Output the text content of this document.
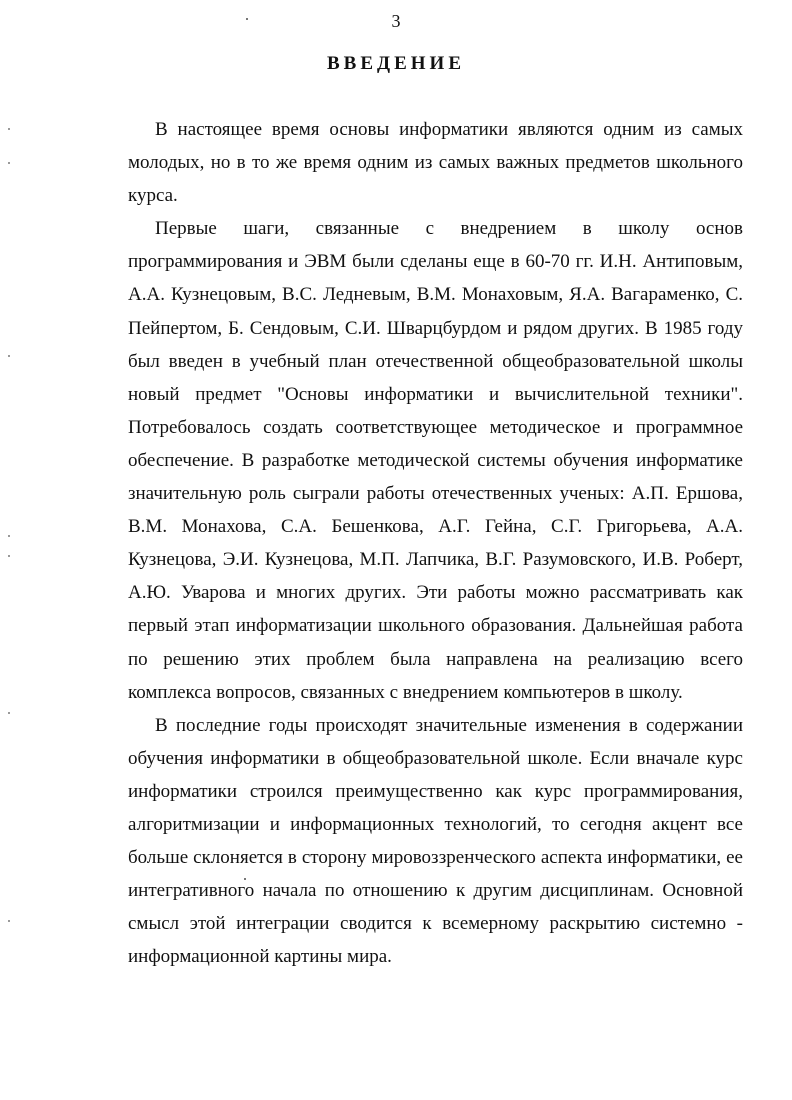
3
ВВЕДЕНИЕ

В настоящее время основы информатики являются одним из самых молодых, но в то же время одним из самых важных предметов школьного курса.

Первые шаги, связанные с внедрением в школу основ программирования и ЭВМ были сделаны еще в 60-70 гг. И.Н. Антиповым, А.А. Кузнецовым, В.С. Ледневым, В.М. Монаховым, Я.А. Вагараменко, С. Пейпертом, Б. Сендовым, С.И. Шварцбурдом и рядом других. В 1985 году был введен в учебный план отечественной общеобразовательной школы новый предмет "Основы информатики и вычислительной техники". Потребовалось создать соответствующее методическое и программное обеспечение. В разработке методической системы обучения информатике значительную роль сыграли работы отечественных ученых: А.П. Ершова, В.М. Монахова, С.А. Бешенкова, А.Г. Гейна, С.Г. Григорьева, А.А. Кузнецова, Э.И. Кузнецова, М.П. Лапчика, В.Г. Разумовского, И.В. Роберт, А.Ю. Уварова и многих других. Эти работы можно рассматривать как первый этап информатизации школьного образования. Дальнейшая работа по решению этих проблем была направлена на реализацию всего комплекса вопросов, связанных с внедрением компьютеров в школу.

В последние годы происходят значительные изменения в содержании обучения информатики в общеобразовательной школе. Если вначале курс информатики строился преимущественно как курс программирования, алгоритмизации и информационных технологий, то сегодня акцент все больше склоняется в сторону мировоззренческого аспекта информатики, ее интегративного начала по отношению к другим дисциплинам. Основной смысл этой интеграции сводится к всемерному раскрытию системно - информационной картины мира.
